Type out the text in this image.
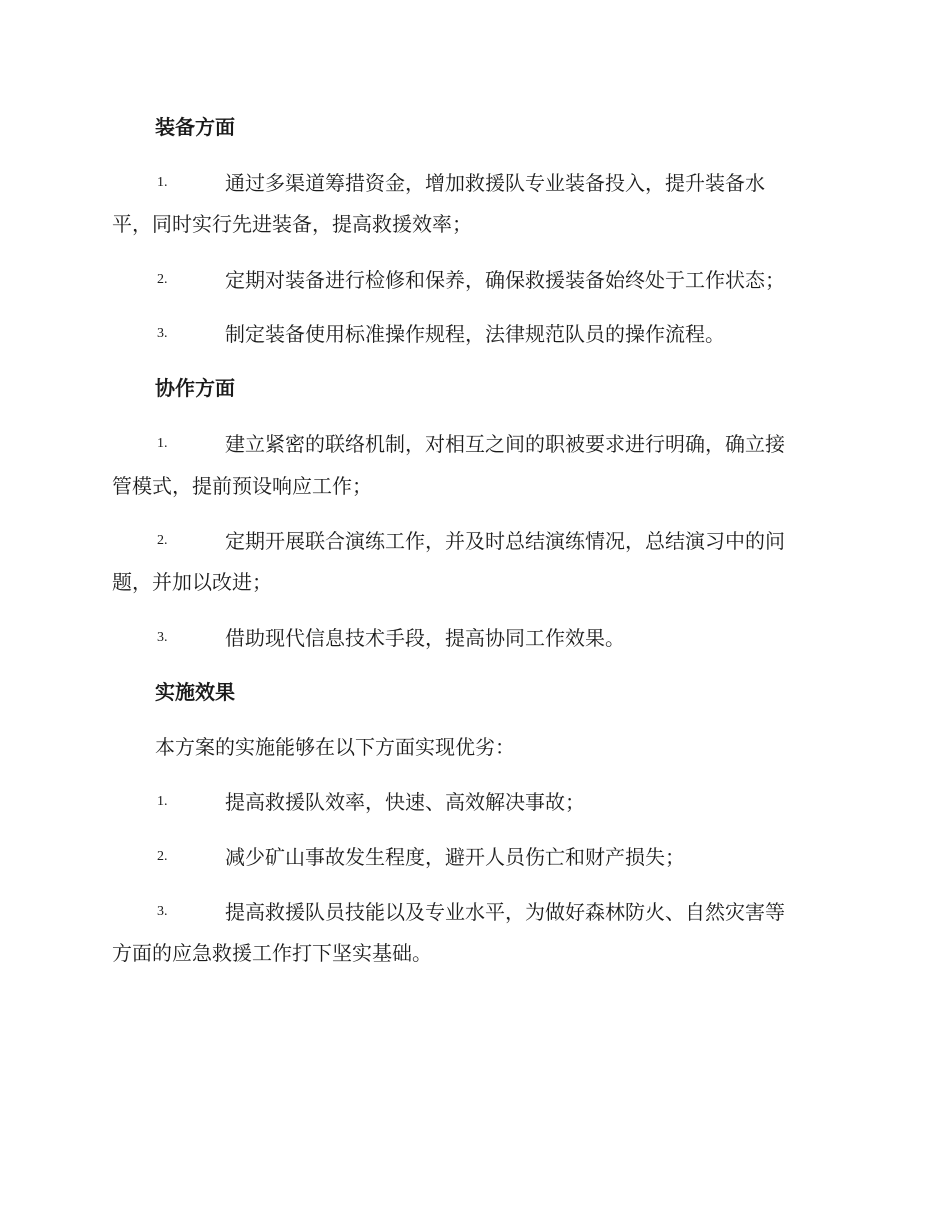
装备方面
1.	通过多渠道筹措资金，增加救援队专业装备投入，提升装备水
平，同时实行先进装备，提高救援效率；
2.	定期对装备进行检修和保养，确保救援装备始终处于工作状态；
3.	制定装备使用标准操作规程，法律规范队员的操作流程。
协作方面
1.	建立紧密的联络机制，对相互之间的职被要求进行明确，确立接
管模式，提前预设响应工作；
2.	定期开展联合演练工作，并及时总结演练情况，总结演习中的问
题，并加以改进；
3.	借助现代信息技术手段，提高协同工作效果。
实施效果
本方案的实施能够在以下方面实现优劣：
1.	提高救援队效率，快速、高效解决事故；
2.	减少矿山事故发生程度，避开人员伤亡和财产损失；
3.	提高救援队员技能以及专业水平，为做好森林防火、自然灾害等
方面的应急救援工作打下坚实基础。
